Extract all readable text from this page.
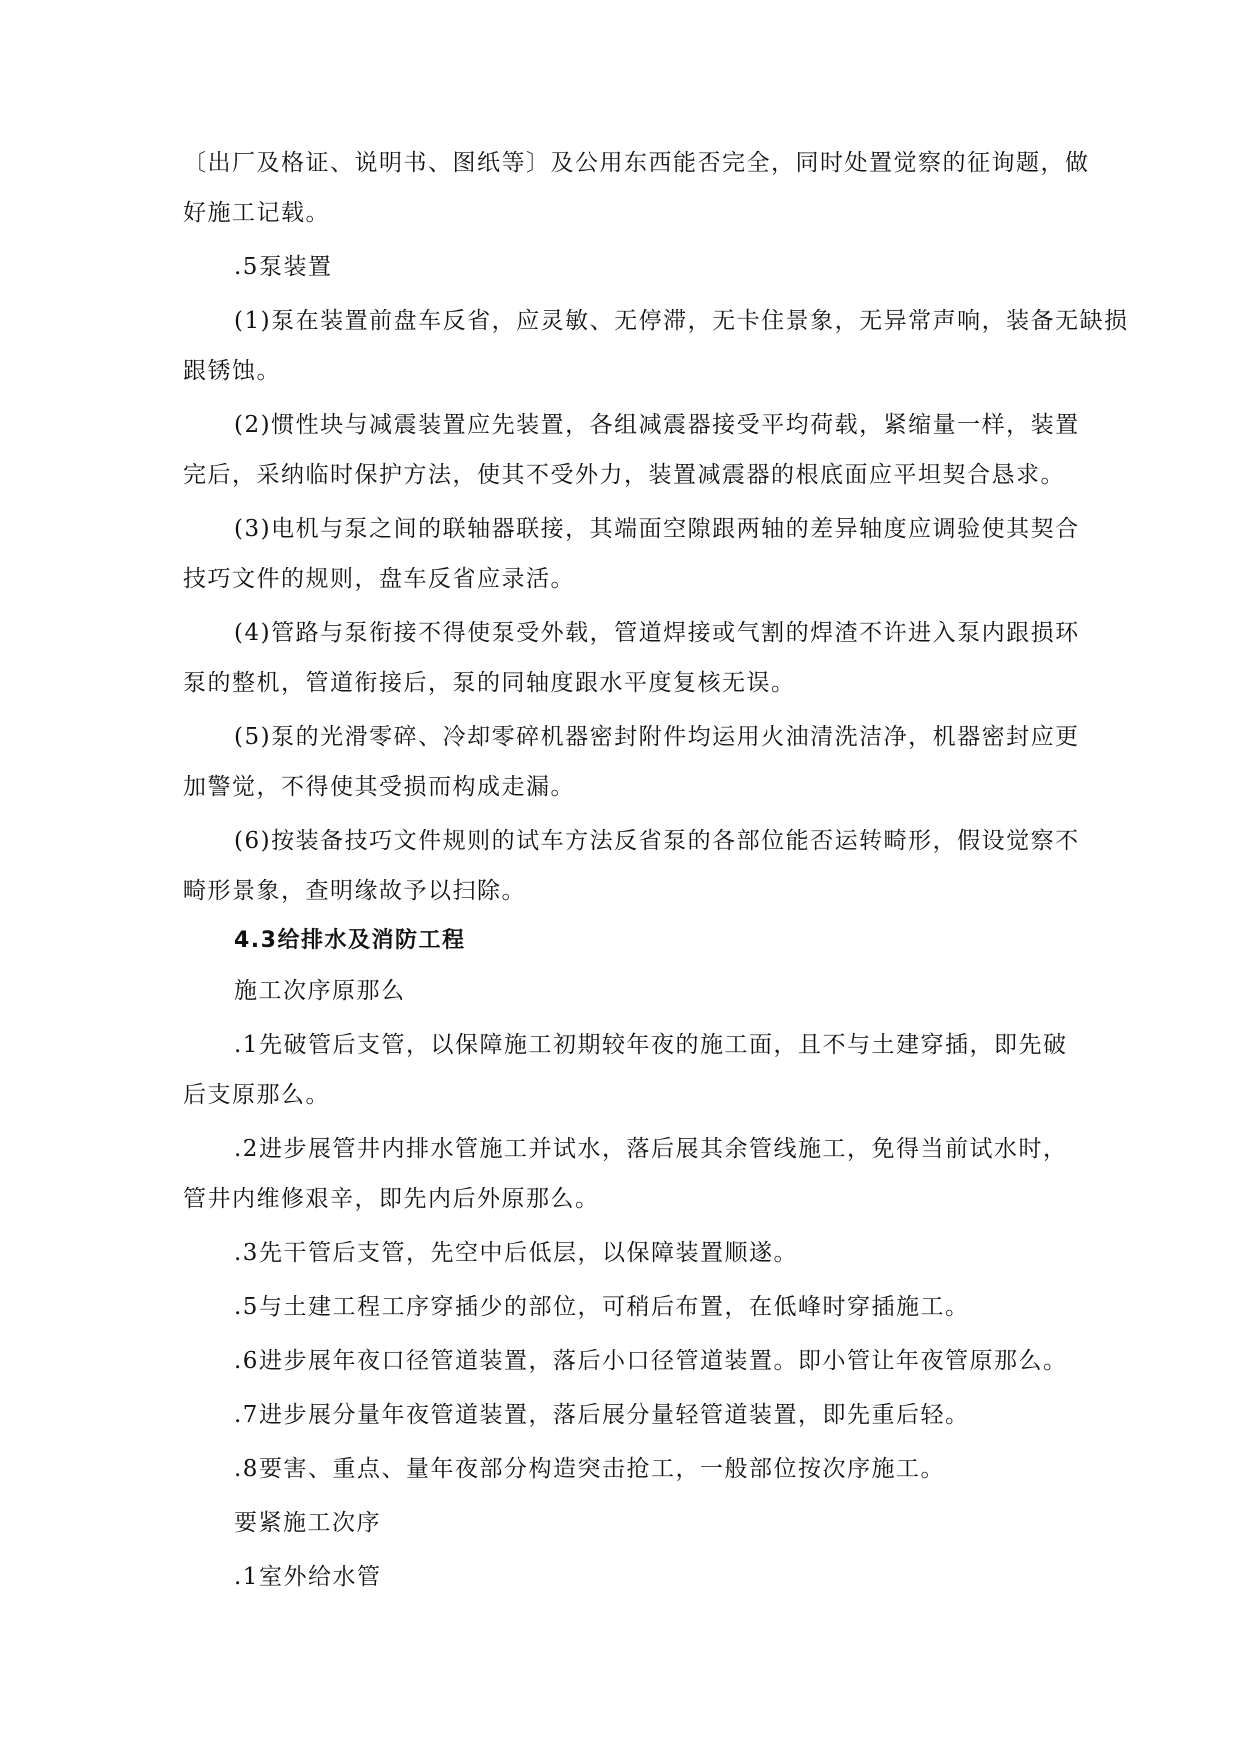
〔出厂及格证、说明书、图纸等〕及公用东西能否完全，同时处置觉察的征询题，做

好施工记载。

.5泵装置

(1)泵在装置前盘车反省，应灵敏、无停滞，无卡住景象，无异常声响，装备无缺损

跟锈蚀。

(2)惯性块与减震装置应先装置，各组减震器接受平均荷载，紧缩量一样，装置

完后，采纳临时保护方法，使其不受外力，装置减震器的根底面应平坦契合恳求。

(3)电机与泵之间的联轴器联接，其端面空隙跟两轴的差异轴度应调验使其契合

技巧文件的规则，盘车反省应录活。

(4)管路与泵衔接不得使泵受外载，管道焊接或气割的焊渣不许进入泵内跟损环

泵的整机，管道衔接后，泵的同轴度跟水平度复核无误。

(5)泵的光滑零碎、冷却零碎机器密封附件均运用火油清洗洁净，机器密封应更

加警觉，不得使其受损而构成走漏。

(6)按装备技巧文件规则的试车方法反省泵的各部位能否运转畸形，假设觉察不

畸形景象，查明缘故予以扫除。

4.3给排水及消防工程

施工次序原那么

.1先破管后支管，以保障施工初期较年夜的施工面，且不与土建穿插，即先破

后支原那么。

.2进步展管井内排水管施工并试水，落后展其余管线施工，免得当前试水时，

管井内维修艰辛，即先内后外原那么。

.3先干管后支管，先空中后低层，以保障装置顺遂。

.5与土建工程工序穿插少的部位，可稍后布置，在低峰时穿插施工。

.6进步展年夜口径管道装置，落后小口径管道装置。即小管让年夜管原那么。

.7进步展分量年夜管道装置，落后展分量轻管道装置，即先重后轻。

.8要害、重点、量年夜部分构造突击抢工，一般部位按次序施工。

要紧施工次序

.1室外给水管
